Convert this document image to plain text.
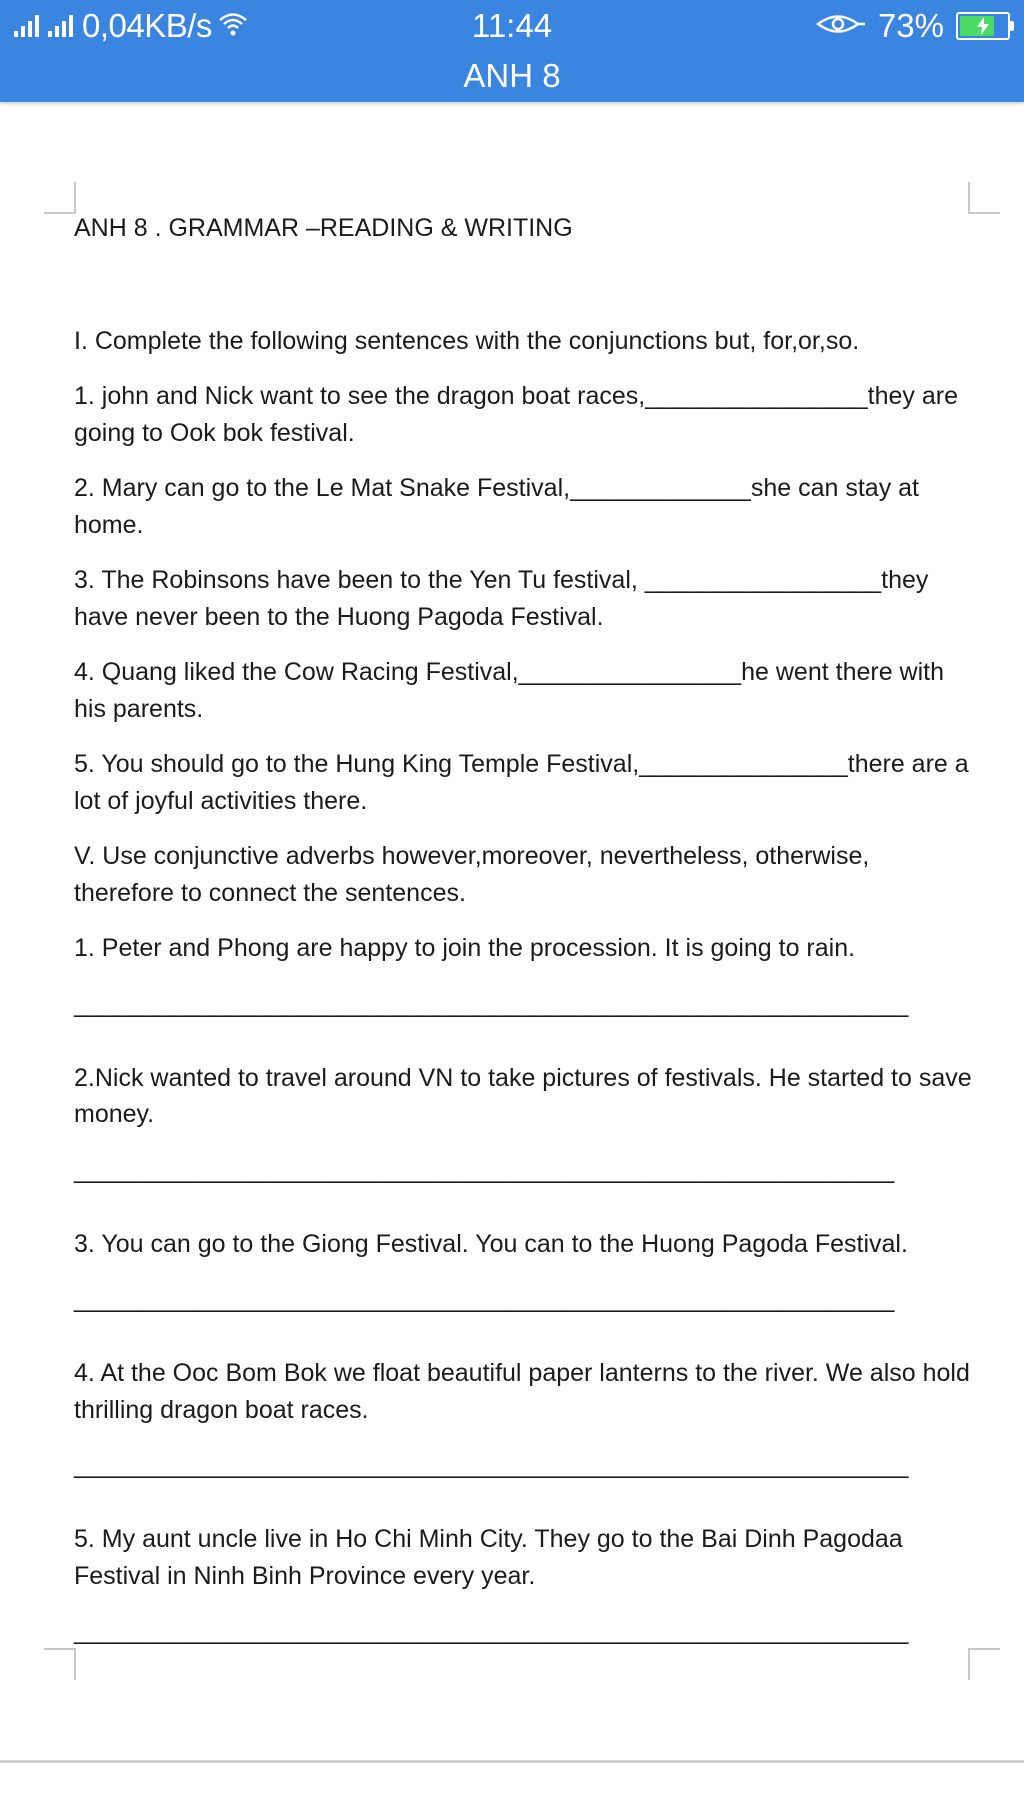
0,04KB/s	11:44	73%
ANH 8

ANH 8 . GRAMMAR –READING & WRITING

I. Complete the following sentences with the conjunctions but, for,or,so.

1. john and Nick want to see the dragon boat races,________________they are going to Ook bok festival.

2. Mary can go to the Le Mat Snake Festival,_____________she can stay at home.

3. The Robinsons have been to the Yen Tu festival, _________________they have never been to the Huong Pagoda Festival.

4. Quang liked the Cow Racing Festival,________________he went there with his parents.

5. You should go to the Hung King Temple Festival,_______________there are a lot of joyful activities there.

V. Use conjunctive adverbs however,moreover, nevertheless, otherwise, therefore to connect the sentences.

1. Peter and Phong are happy to join the procession. It is going to rain.

____________________________________________________________

2.Nick wanted to travel around VN to take pictures of festivals. He started to save money.

___________________________________________________________

3. You can go to the Giong Festival. You can to the Huong Pagoda Festival.

___________________________________________________________

4. At the Ooc Bom Bok we float beautiful paper lanterns to the river. We also hold thrilling dragon boat races.

____________________________________________________________

5. My aunt uncle live in Ho Chi Minh City. They go to the Bai Dinh Pagodaa Festival in Ninh Binh Province every year.

____________________________________________________________
